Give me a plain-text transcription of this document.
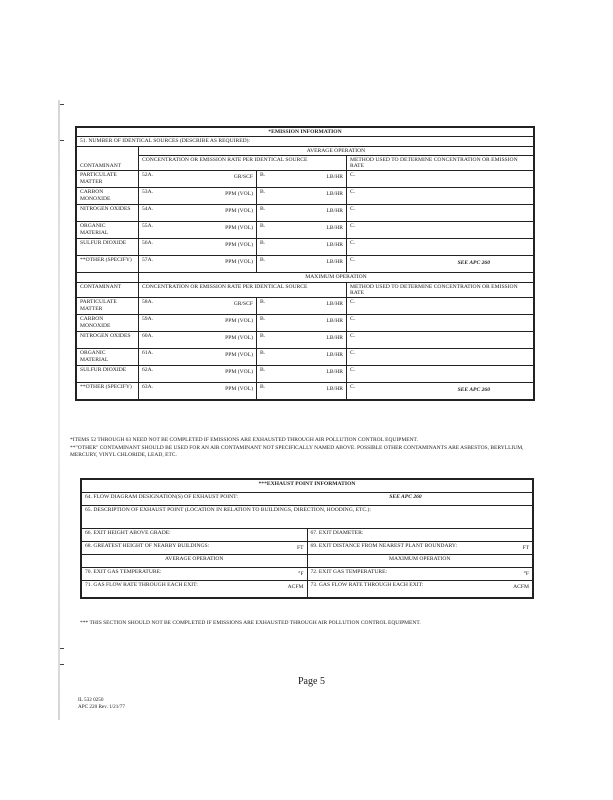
*EMISSION INFORMATION			
51. NUMBER OF IDENTICAL SOURCES (DESCRIBE AS REQUIRED):			
CONTAMINANT	AVERAGE OPERATION		
	CONCENTRATION OR EMISSION RATE PER IDENTICAL SOURCE		METHOD USED TO DETERMINE CONCENTRATION OR EMISSION RATE
PARTICULATE MATTER	52A. GR/SCF	B. LB/HR	C.

CARBON MONOXIDE	53A. PPM (VOL)	B. LB/HR	C.

NITROGEN OXIDES	54A. PPM (VOL)	B. LB/HR	C.

ORGANIC MATERIAL	55A. PPM (VOL)	B. LB/HR	C.

SULFUR DIOXIDE	56A. PPM (VOL)	B. LB/HR	C.

**OTHER (SPECIFY)	57A. PPM (VOL)	B. LB/HR	C. SEE APC 260

	MAXIMUM OPERATION		
CONTAMINANT	CONCENTRATION OR EMISSION RATE PER IDENTICAL SOURCE		METHOD USED TO DETERMINE CONCENTRATION OR EMISSION RATE
PARTICULATE MATTER	58A. GR/SCF	B. LB/HR	C.

CARBON MONOXIDE	59A. PPM (VOL)	B. LB/HR	C.

NITROGEN OXIDES	60A. PPM (VOL)	B. LB/HR	C.

ORGANIC MATERIAL	61A. PPM (VOL)	B. LB/HR	C.

SULFUR DIOXIDE	62A. PPM (VOL)	B. LB/HR	C.

**OTHER (SPECIFY)	63A. PPM (VOL)	B. LB/HR	C. SEE APC 260
*ITEMS 52 THROUGH 63 NEED NOT BE COMPLETED IF EMISSIONS ARE EXHAUSTED THROUGH AIR POLLUTION CONTROL EQUIPMENT.
**"OTHER" CONTAMINANT SHOULD BE USED FOR AN AIR CONTAMINANT NOT SPECIFICALLY NAMED ABOVE. POSSIBLE OTHER CONTAMINANTS ARE ASBESTOS, BERYLLIUM, MERCURY, VINYL CHLORIDE, LEAD, ETC.
***EXHAUST POINT INFORMATION	
64. FLOW DIAGRAM DESIGNATION(S) OF EXHAUST POINT: SEE APC 260	
65. DESCRIPTION OF EXHAUST POINT (LOCATION IN RELATION TO BUILDINGS, DIRECTION, HOODING, ETC.):	
66. EXIT HEIGHT ABOVE GRADE:	67. EXIT DIAMETER:
68. GREATEST HEIGHT OF NEARBY BUILDINGS: FT	69. EXIT DISTANCE FROM NEAREST PLANT BOUNDARY: FT

AVERAGE OPERATION	MAXIMUM OPERATION
70. EXIT GAS TEMPERATURE: °F	72. EXIT GAS TEMPERATURE: °F

71. GAS FLOW RATE THROUGH EACH EXIT: ACFM	73. GAS FLOW RATE THROUGH EACH EXIT: ACFM
*** THIS SECTION SHOULD NOT BE COMPLETED IF EMISSIONS ARE EXHAUSTED THROUGH AIR POLLUTION CONTROL EQUIPMENT.
Page 5
IL 532 0250
APC 220 Rev. 1/21/77
